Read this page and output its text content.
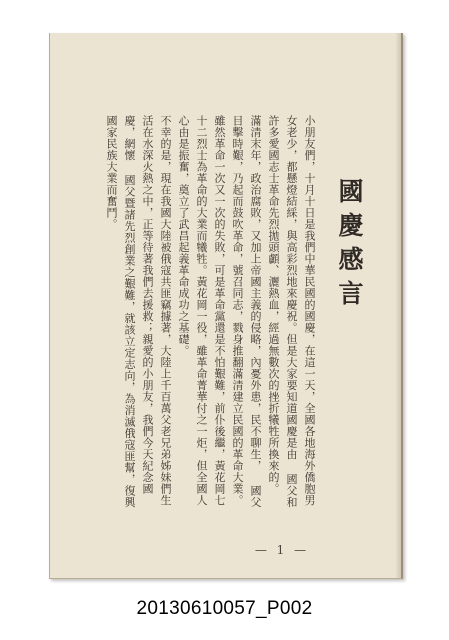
國慶感言

小朋友們，十月十日是我們中華民國的國慶，在這一天，全國各地海外僑胞男女老少，都懸燈結綵，與高彩烈地來慶祝。但是大家要知道國慶是由 國父和許多愛國志士革命先烈拋頭顱、灑熱血，經過無數次的挫折犧牲所換來的。

滿清末年，政治腐敗，又加上帝國主義的侵略，內憂外患，民不聊生， 國父目擊時艱，乃起而鼓吹革命，號召同志，戮身推翻滿清建立民國的革命大業。

雖然革命一次又一次的失敗，可是革命黨還是不怕艱難，前仆後繼，黃花岡七十二烈士為革命的大業而犧牲。黃花岡一役，雖革命菁華付之一炬，但全國人心由是振奮，奠立了武昌起義革命成功之基礎。

不幸的是，現在我國大陸被俄寇共匪竊據著，大陸上千百萬父老兄弟姊妹們生活在水深火熱之中，正等待著我們去援救；親愛的小朋友，我們今天紀念國慶，網懷 國父暨諸先烈創業之艱難，就該立定志向，為消滅俄寇匪幫，復興國家民族大業而奮鬥。

— 1 —
20130610057_P002
